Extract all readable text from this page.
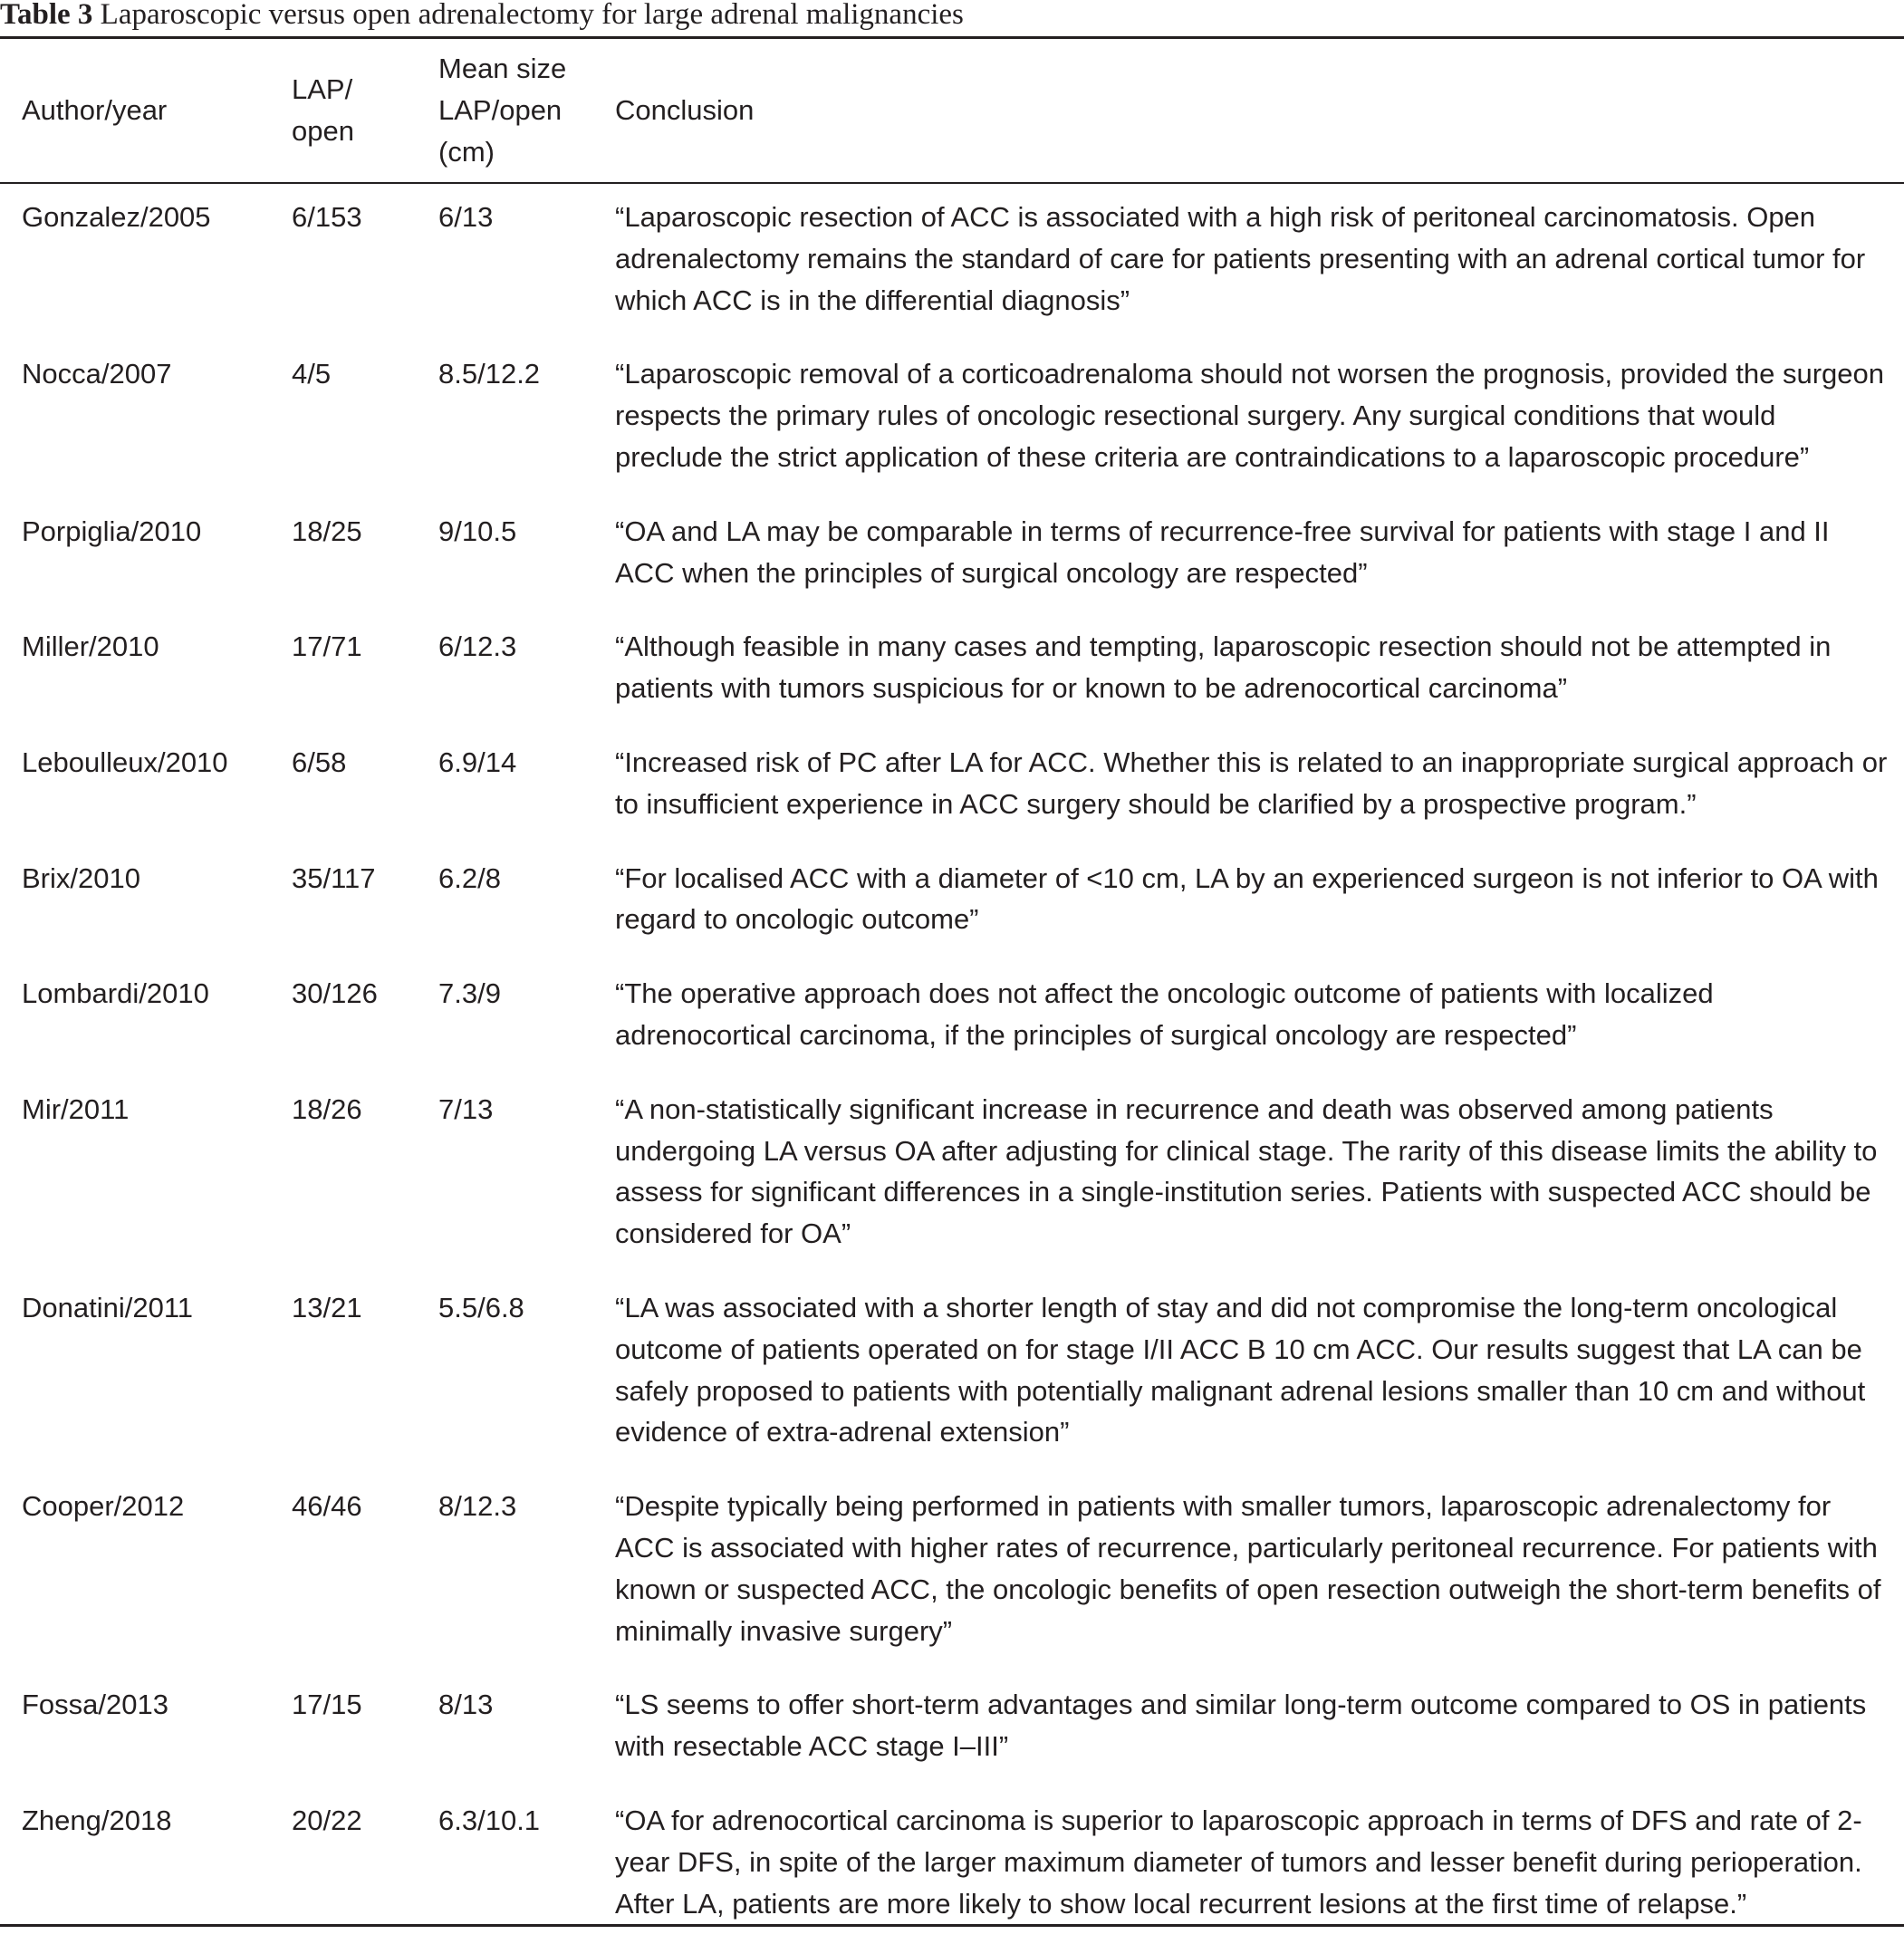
Table 3 Laparoscopic versus open adrenalectomy for large adrenal malignancies
Author/year	LAP/ open	Mean size LAP/open (cm)	Conclusion
Gonzalez/2005	6/153	6/13	“Laparoscopic resection of ACC is associated with a high risk of peritoneal carcinomatosis. Open adrenalectomy remains the standard of care for patients presenting with an adrenal cortical tumor for which ACC is in the differential diagnosis”
Nocca/2007	4/5	8.5/12.2	“Laparoscopic removal of a corticoadrenaloma should not worsen the prognosis, provided the surgeon respects the primary rules of oncologic resectional surgery. Any surgical conditions that would preclude the strict application of these criteria are contraindications to a laparoscopic procedure”
Porpiglia/2010	18/25	9/10.5	“OA and LA may be comparable in terms of recurrence-free survival for patients with stage I and II ACC when the principles of surgical oncology are respected”
Miller/2010	17/71	6/12.3	“Although feasible in many cases and tempting, laparoscopic resection should not be attempted in patients with tumors suspicious for or known to be adrenocortical carcinoma”
Leboulleux/2010	6/58	6.9/14	“Increased risk of PC after LA for ACC. Whether this is related to an inappropriate surgical approach or to insufficient experience in ACC surgery should be clarified by a prospective program.”
Brix/2010	35/117	6.2/8	“For localised ACC with a diameter of <10 cm, LA by an experienced surgeon is not inferior to OA with regard to oncologic outcome”
Lombardi/2010	30/126	7.3/9	“The operative approach does not affect the oncologic outcome of patients with localized adrenocortical carcinoma, if the principles of surgical oncology are respected”
Mir/2011	18/26	7/13	“A non-statistically significant increase in recurrence and death was observed among patients undergoing LA versus OA after adjusting for clinical stage. The rarity of this disease limits the ability to assess for significant differences in a single-institution series. Patients with suspected ACC should be considered for OA”
Donatini/2011	13/21	5.5/6.8	“LA was associated with a shorter length of stay and did not compromise the long-term oncological outcome of patients operated on for stage I/II ACC B 10 cm ACC. Our results suggest that LA can be safely proposed to patients with potentially malignant adrenal lesions smaller than 10 cm and without evidence of extra-adrenal extension”
Cooper/2012	46/46	8/12.3	“Despite typically being performed in patients with smaller tumors, laparoscopic adrenalectomy for ACC is associated with higher rates of recurrence, particularly peritoneal recurrence. For patients with known or suspected ACC, the oncologic benefits of open resection outweigh the short-term benefits of minimally invasive surgery”
Fossa/2013	17/15	8/13	“LS seems to offer short-term advantages and similar long-term outcome compared to OS in patients with resectable ACC stage I–III”
Zheng/2018	20/22	6.3/10.1	“OA for adrenocortical carcinoma is superior to laparoscopic approach in terms of DFS and rate of 2-year DFS, in spite of the larger maximum diameter of tumors and lesser benefit during perioperation. After LA, patients are more likely to show local recurrent lesions at the first time of relapse.”
